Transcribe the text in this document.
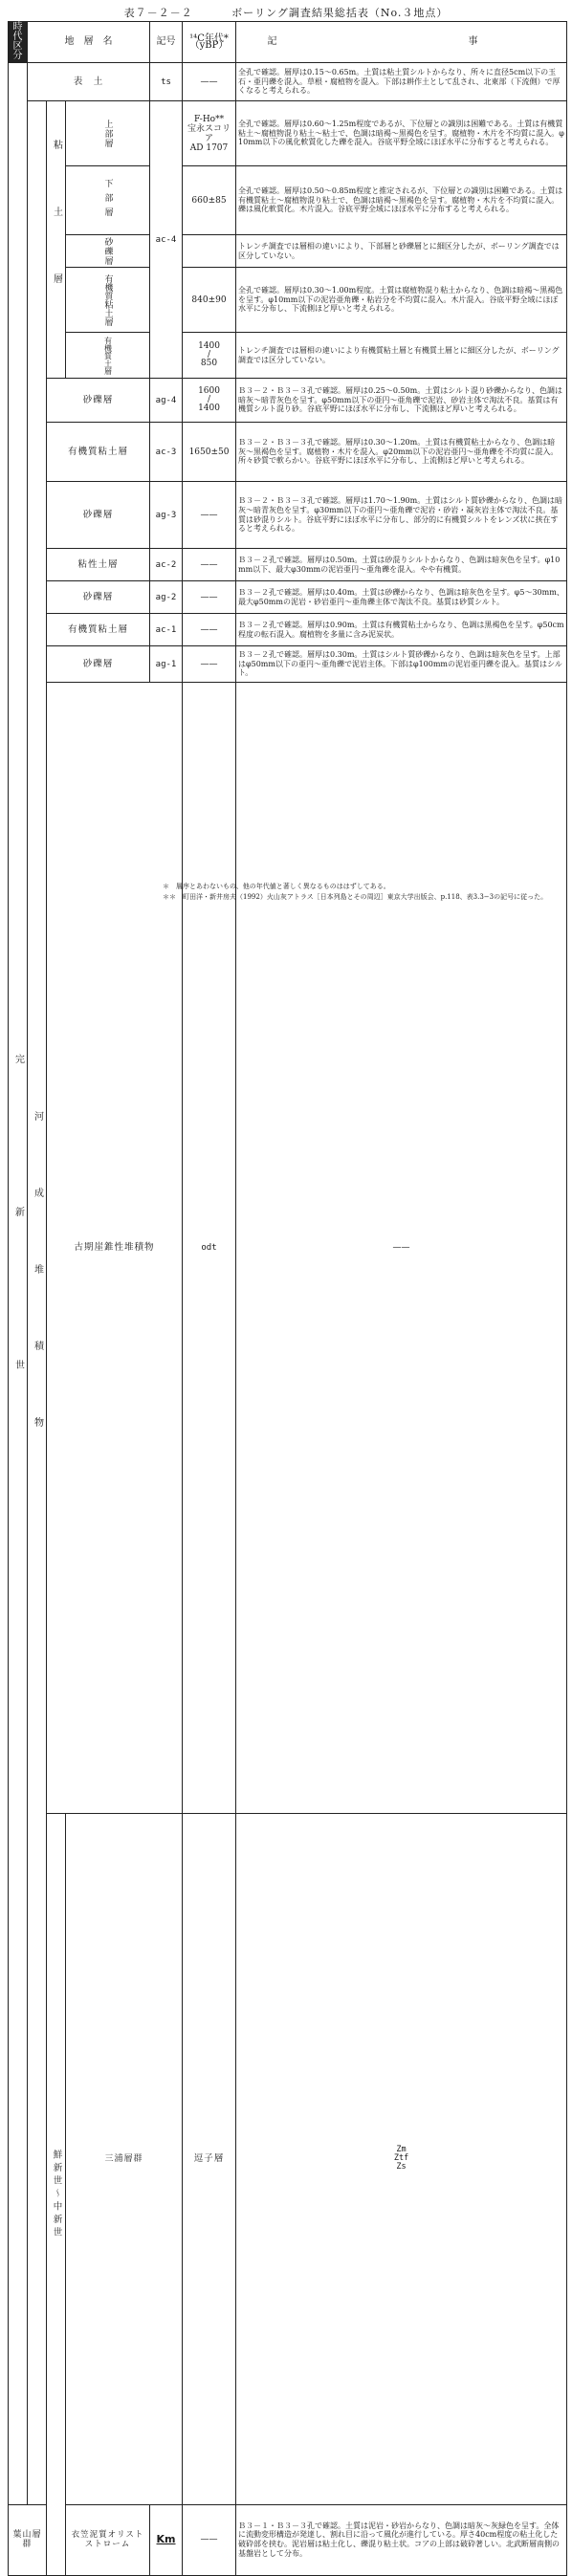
表７－２－２	ボーリング調査結果総括表（No.３地点）
時代区分	地　層　名			記号	¹⁴C年代*（yBP）	記　　事	

完新世	表　土			ts	——	全孔で確認。層厚は0.15〜0.65m。土質は粘土質シルトからなり、所々に直径5cm以下の玉石・亜円礫を混入。草根・腐植物を混入。下部は耕作土として乱され、北東部（下流側）で厚くなると考えられる。	

	河成堆積物	粘土層	上部層	ac-4	F-Ho**
宝永スコリア
AD 1707	全孔で確認。層厚は0.60〜1.25m程度であるが、下位層との識別は困難である。土質は有機質粘土〜腐植物混り粘土〜粘土で、色調は暗褐〜黒褐色を呈す。腐植物・木片を不均質に混入。φ10mm以下の風化軟質化した礫を混入。谷底平野全域にほぼ水平に分布すると考えられる。	

			下部層		660±85	全孔で確認。層厚は0.50〜0.85m程度と推定されるが、下位層との識別は困難である。土質は有機質粘土〜腐植物混り粘土で、色調は暗褐〜黒褐色を呈す。腐植物・木片を不均質に混入。礫は風化軟質化。木片混入。谷底平野全域にほぼ水平に分布すると考えられる。	

			砂礫層			トレンチ調査では層相の違いにより、下部層と砂礫層とに細区分したが、ボーリング調査では区分していない。	

			有機質粘土層		840±90	全孔で確認。層厚は0.30〜1.00m程度。土質は腐植物混り粘土からなり、色調は暗褐〜黒褐色を呈す。φ10mm以下の泥岩亜角礫・粘岩分を不均質に混入。木片混入。谷底平野全域にほぼ水平に分布し、下流側ほど厚いと考えられる。	

			有機質土層		1400
/
850	トレンチ調査では層相の違いにより有機質粘土層と有機質土層とに細区分したが、ボーリング調査では区分していない。	
		砂礫層		ag-4	1600
/
1400	Ｂ３－２・Ｂ３－３孔で確認。層厚は0.25〜0.50m。土質はシルト混り砂礫からなり、色調は暗灰〜暗青灰色を呈す。φ50mm以下の亜円〜亜角礫で泥岩、砂岩主体で淘汰不良。基質は有機質シルト混り砂。谷底平野にほぼ水平に分布し、下流側ほど厚いと考えられる。	
		有機質粘土層		ac-3	1650±50	Ｂ３－２・Ｂ３－３孔で確認。層厚は0.30〜1.20m。土質は有機質粘土からなり、色調は暗灰〜黒褐色を呈す。腐植物・木片を混入。φ20mm以下の泥岩亜円〜亜角礫を不均質に混入。所々砂質で軟らかい。谷底平野にほぼ水平に分布し、上流側ほど厚いと考えられる。	
		砂礫層		ag-3	——	Ｂ３－２・Ｂ３－３孔で確認。層厚は1.70〜1.90m。土質はシルト質砂礫からなり、色調は暗灰〜暗青灰色を呈す。φ30mm以下の亜円〜亜角礫で泥岩・砂岩・凝灰岩主体で淘汰不良。基質は砂混りシルト。谷底平野にほぼ水平に分布し、部分的に有機質シルトをレンズ状に挟在すると考えられる。	
		粘性土層		ac-2	——	Ｂ３－２孔で確認。層厚は0.50m。土質は砂混りシルトからなり、色調は暗灰色を呈す。φ10mm以下、最大φ30mmの泥岩亜円〜亜角礫を混入。やや有機質。	
		砂礫層		ag-2	——	Ｂ３－２孔で確認。層厚は0.40m。土質は砂礫からなり、色調は暗灰色を呈す。φ5〜30mm、最大φ50mmの泥岩・砂岩亜円〜亜角礫主体で淘汰不良。基質は砂質シルト。	
		有機質粘土層		ac-1	——	Ｂ３－２孔で確認。層厚は0.90m。土質は有機質粘土からなり、色調は黒褐色を呈す。φ50cm程度の転石混入。腐植物を多量に含み泥炭状。	
		砂礫層		ag-1	——	Ｂ３－２孔で確認。層厚は0.30m。土質はシルト質砂礫からなり、色調は暗灰色を呈す。上部はφ50mm以下の亜円〜亜角礫で泥岩主体。下部はφ100mmの泥岩亜円礫を混入。基質はシルト。	
		古期崖錐性堆積物			odt	——	

		鮮新世〜中新世	三浦層群		逗子層	Zm
Ztf
Zs		

葉山層群			衣笠泥質オリストストローム	Km	——	Ｂ３－１・Ｂ３－３孔で確認。土質は泥岩・砂岩からなり、色調は暗灰〜灰緑色を呈す。全体に流動変形構造が発達し、割れ目に沿って風化が進行している。厚さ40cm程度の粘土化した破砕部を挟む。泥岩層は粘土化し、礫混り粘土状。コアの上部は破砕著しい。北武断層南側の基盤岩として分布。	
＊　層序とあわないもの、他の年代値と著しく異なるものははずしてある。
＊＊　町田洋・新井房夫（1992）火山灰アトラス［日本列島とその周辺］東京大学出版会、p.118、表3.3−3の記号に従った。
